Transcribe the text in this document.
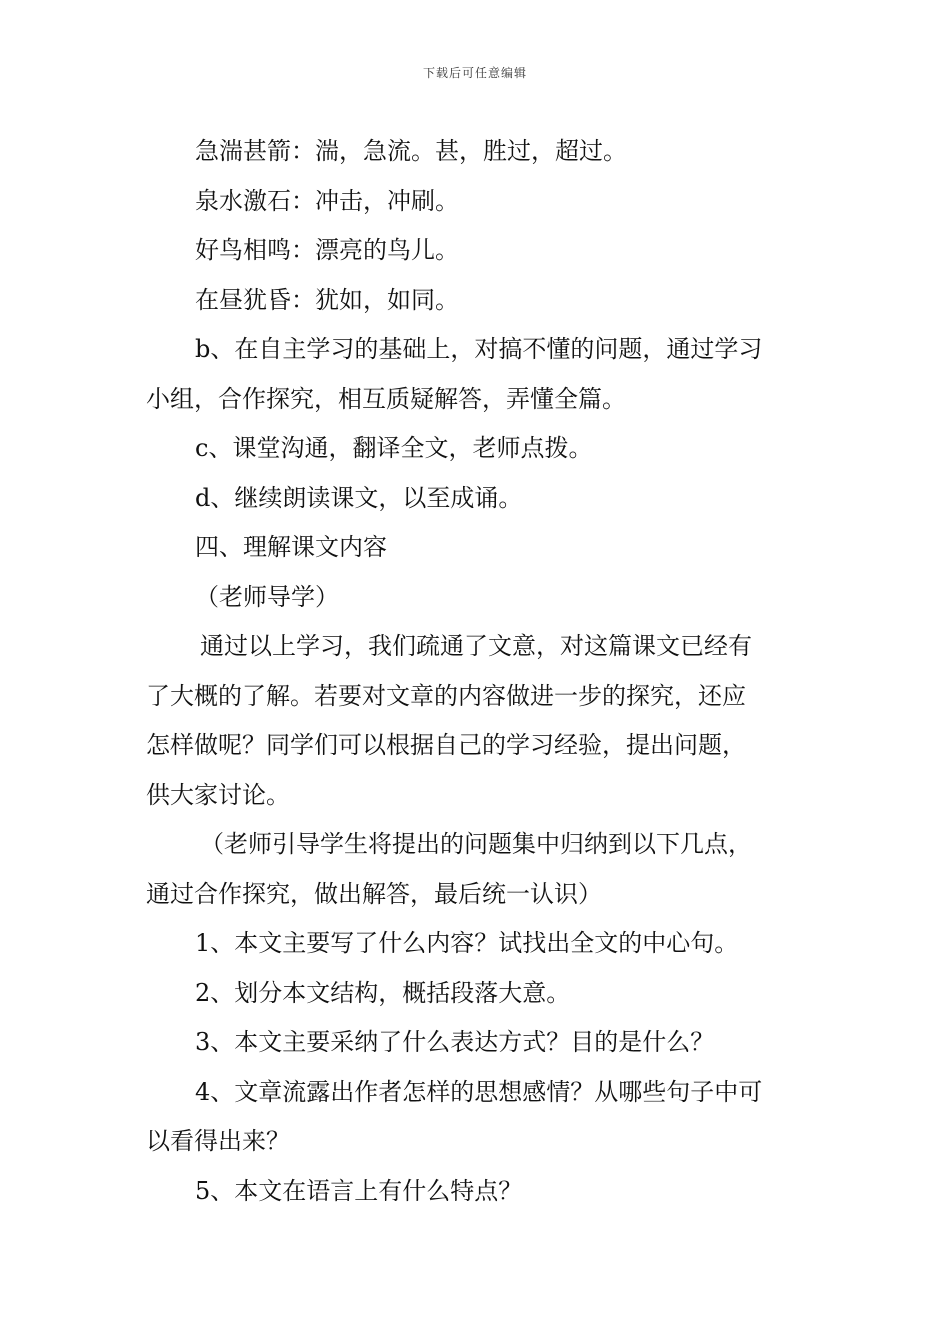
下载后可任意编辑
急湍甚箭：湍，急流。甚，胜过，超过。
泉水激石：冲击，冲刷。
好鸟相鸣：漂亮的鸟儿。
在昼犹昏：犹如，如同。
b、在自主学习的基础上，对搞不懂的问题，通过学习
小组，合作探究，相互质疑解答，弄懂全篇。
c、课堂沟通，翻译全文，老师点拨。
d、继续朗读课文，以至成诵。
四、理解课文内容
（老师导学）
通过以上学习，我们疏通了文意，对这篇课文已经有
了大概的了解。若要对文章的内容做进一步的探究，还应
怎样做呢？同学们可以根据自己的学习经验，提出问题，
供大家讨论。
（老师引导学生将提出的问题集中归纳到以下几点，
通过合作探究，做出解答，最后统一认识）
1、本文主要写了什么内容？试找出全文的中心句。
2、划分本文结构，概括段落大意。
3、本文主要采纳了什么表达方式？目的是什么？
4、文章流露出作者怎样的思想感情？从哪些句子中可
以看得出来？
5、本文在语言上有什么特点？
